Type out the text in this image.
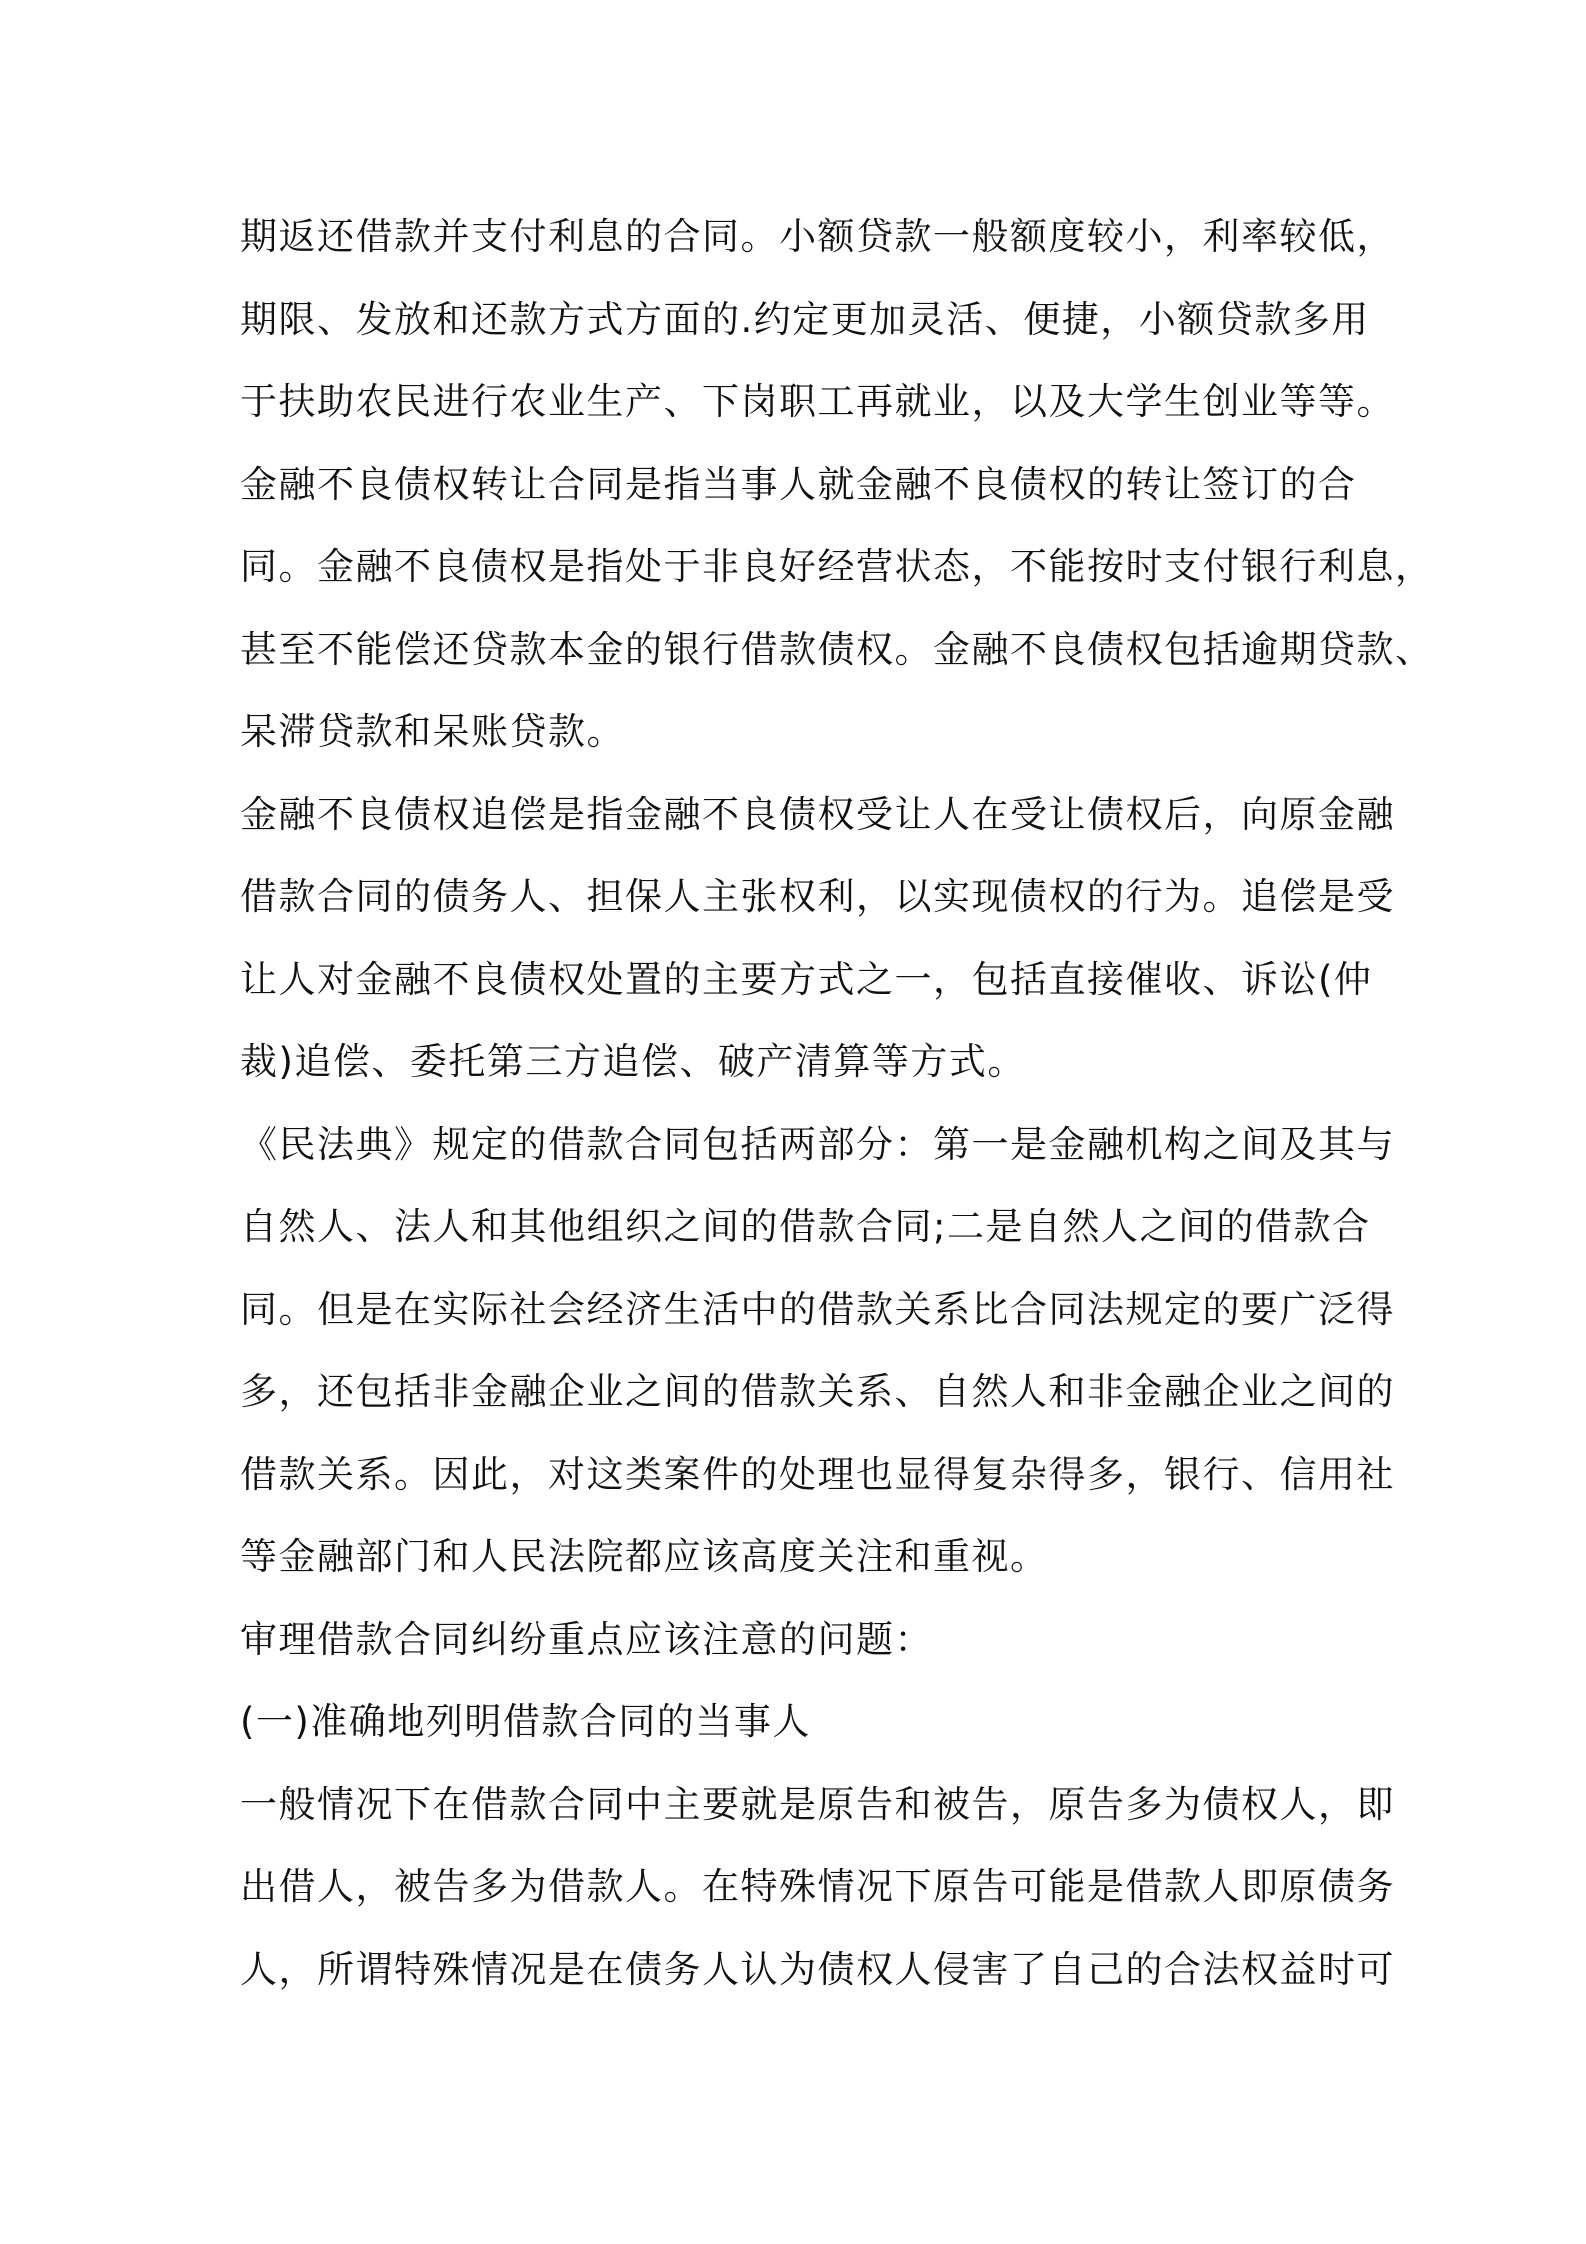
期返还借款并支付利息的合同。小额贷款一般额度较小，利率较低，
期限、发放和还款方式方面的.约定更加灵活、便捷，小额贷款多用
于扶助农民进行农业生产、下岗职工再就业，以及大学生创业等等。
金融不良债权转让合同是指当事人就金融不良债权的转让签订的合
同。金融不良债权是指处于非良好经营状态，不能按时支付银行利息，
甚至不能偿还贷款本金的银行借款债权。金融不良债权包括逾期贷款、
呆滞贷款和呆账贷款。
金融不良债权追偿是指金融不良债权受让人在受让债权后，向原金融
借款合同的债务人、担保人主张权利，以实现债权的行为。追偿是受
让人对金融不良债权处置的主要方式之一，包括直接催收、诉讼(仲
裁)追偿、委托第三方追偿、破产清算等方式。
《民法典》规定的借款合同包括两部分：第一是金融机构之间及其与
自然人、法人和其他组织之间的借款合同;二是自然人之间的借款合
同。但是在实际社会经济生活中的借款关系比合同法规定的要广泛得
多，还包括非金融企业之间的借款关系、自然人和非金融企业之间的
借款关系。因此，对这类案件的处理也显得复杂得多，银行、信用社
等金融部门和人民法院都应该高度关注和重视。
审理借款合同纠纷重点应该注意的问题：
(一)准确地列明借款合同的当事人
一般情况下在借款合同中主要就是原告和被告，原告多为债权人，即
出借人，被告多为借款人。在特殊情况下原告可能是借款人即原债务
人，所谓特殊情况是在债务人认为债权人侵害了自己的合法权益时可
